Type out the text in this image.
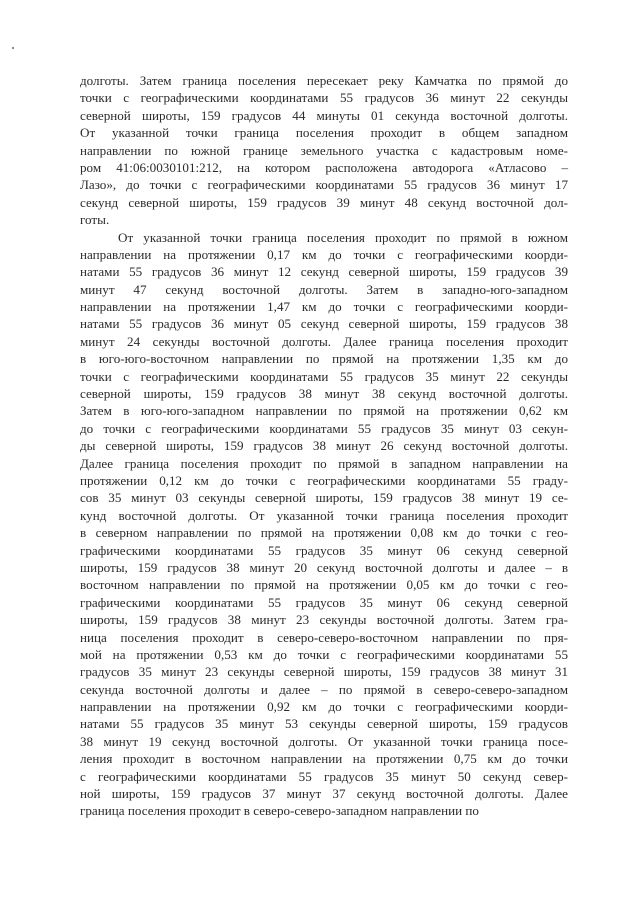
долготы. Затем граница поселения пересекает реку Камчатка по прямой до
точки с географическими координатами 55 градусов 36 минут 22 секунды
северной широты, 159 градусов 44 минуты 01 секунда восточной долготы.
От указанной точки граница поселения проходит в общем западном
направлении по южной границе земельного участка с кадастровым номе-
ром 41:06:0030101:212, на котором расположена автодорога «Атласово –
Лазо», до точки с географическими координатами 55 градусов 36 минут 17
секунд северной широты, 159 градусов 39 минут 48 секунд восточной дол-
готы.
От указанной точки граница поселения проходит по прямой в южном
направлении на протяжении 0,17 км до точки с географическими коорди-
натами 55 градусов 36 минут 12 секунд северной широты, 159 градусов 39
минут 47 секунд восточной долготы. Затем в западно-юго-западном
направлении на протяжении 1,47 км до точки с географическими коорди-
натами 55 градусов 36 минут 05 секунд северной широты, 159 градусов 38
минут 24 секунды восточной долготы. Далее граница поселения проходит
в юго-юго-восточном направлении по прямой на протяжении 1,35 км до
точки с географическими координатами 55 градусов 35 минут 22 секунды
северной широты, 159 градусов 38 минут 38 секунд восточной долготы.
Затем в юго-юго-западном направлении по прямой на протяжении 0,62 км
до точки с географическими координатами 55 градусов 35 минут 03 секун-
ды северной широты, 159 градусов 38 минут 26 секунд восточной долготы.
Далее граница поселения проходит по прямой в западном направлении на
протяжении 0,12 км до точки с географическими координатами 55 граду-
сов 35 минут 03 секунды северной широты, 159 градусов 38 минут 19 се-
кунд восточной долготы. От указанной точки граница поселения проходит
в северном направлении по прямой на протяжении 0,08 км до точки с гео-
графическими координатами 55 градусов 35 минут 06 секунд северной
широты, 159 градусов 38 минут 20 секунд восточной долготы и далее – в
восточном направлении по прямой на протяжении 0,05 км до точки с гео-
графическими координатами 55 градусов 35 минут 06 секунд северной
широты, 159 градусов 38 минут 23 секунды восточной долготы. Затем гра-
ница поселения проходит в северо-северо-восточном направлении по пря-
мой на протяжении 0,53 км до точки с географическими координатами 55
градусов 35 минут 23 секунды северной широты, 159 градусов 38 минут 31
секунда восточной долготы и далее – по прямой в северо-северо-западном
направлении на протяжении 0,92 км до точки с географическими коорди-
натами 55 градусов 35 минут 53 секунды северной широты, 159 градусов
38 минут 19 секунд восточной долготы. От указанной точки граница посе-
ления проходит в восточном направлении на протяжении 0,75 км до точки
с географическими координатами 55 градусов 35 минут 50 секунд север-
ной широты, 159 градусов 37 минут 37 секунд восточной долготы. Далее
граница поселения проходит в северо-северо-западном направлении по
